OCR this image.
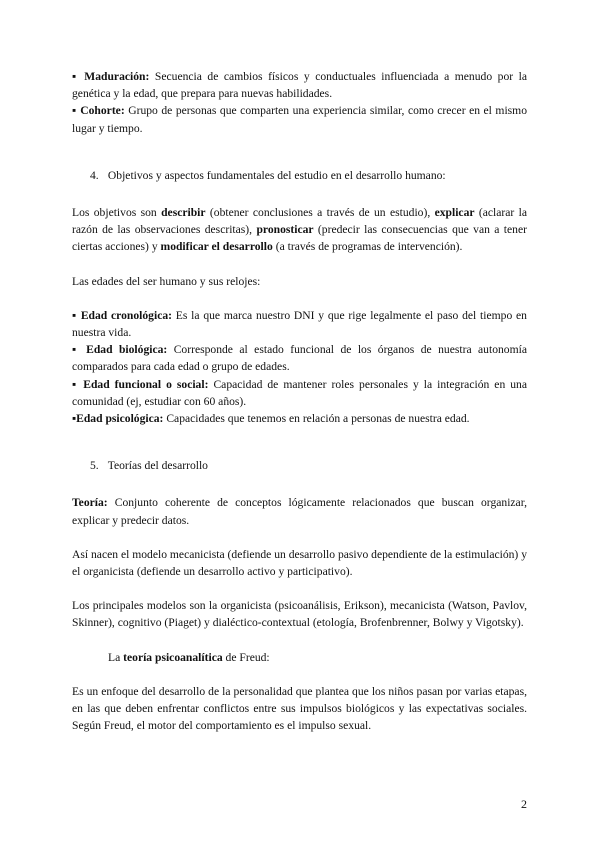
▪ Maduración: Secuencia de cambios físicos y conductuales influenciada a menudo por la genética y la edad, que prepara para nuevas habilidades.

▪ Cohorte: Grupo de personas que comparten una experiencia similar, como crecer en el mismo lugar y tiempo.

4. Objetivos y aspectos fundamentales del estudio en el desarrollo humano:

Los objetivos son describir (obtener conclusiones a través de un estudio), explicar (aclarar la razón de las observaciones descritas), pronosticar (predecir las consecuencias que van a tener ciertas acciones) y modificar el desarrollo (a través de programas de intervención).

Las edades del ser humano y sus relojes:

▪ Edad cronológica: Es la que marca nuestro DNI y que rige legalmente el paso del tiempo en nuestra vida.

▪ Edad biológica: Corresponde al estado funcional de los órganos de nuestra autonomía comparados para cada edad o grupo de edades.

▪ Edad funcional o social: Capacidad de mantener roles personales y la integración en una comunidad (ej, estudiar con 60 años).

▪Edad psicológica: Capacidades que tenemos en relación a personas de nuestra edad.

5. Teorías del desarrollo

Teoría: Conjunto coherente de conceptos lógicamente relacionados que buscan organizar, explicar y predecir datos.

Así nacen el modelo mecanicista (defiende un desarrollo pasivo dependiente de la estimulación) y el organicista (defiende un desarrollo activo y participativo).

Los principales modelos son la organicista (psicoanálisis, Erikson), mecanicista (Watson, Pavlov, Skinner), cognitivo (Piaget) y dialéctico-contextual (etología, Brofenbrenner, Bolwy y Vigotsky).

La teoría psicoanalítica de Freud:

Es un enfoque del desarrollo de la personalidad que plantea que los niños pasan por varias etapas, en las que deben enfrentar conflictos entre sus impulsos biológicos y las expectativas sociales. Según Freud, el motor del comportamiento es el impulso sexual.

2
